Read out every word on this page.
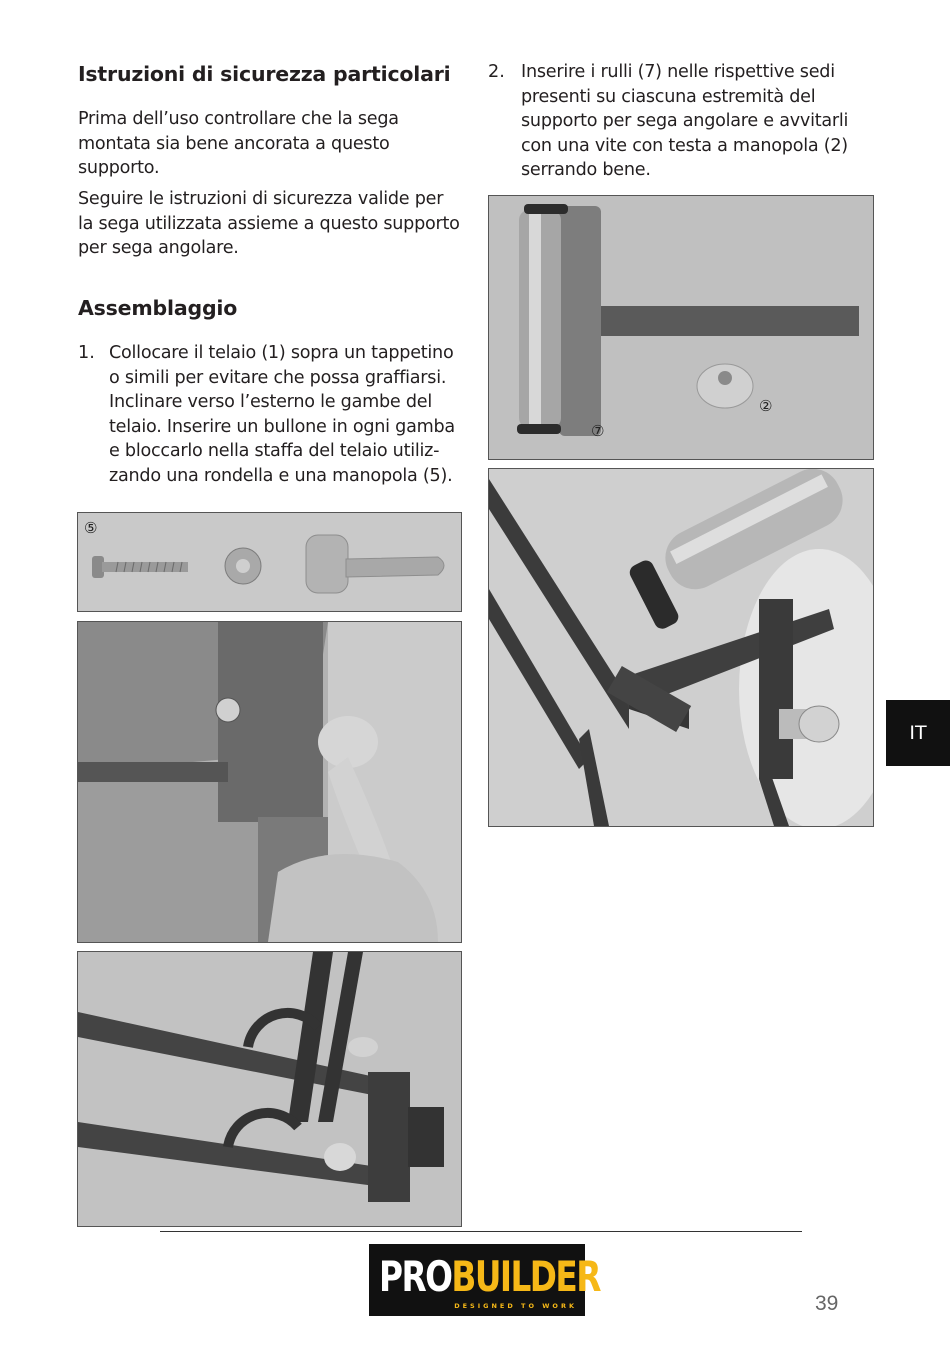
Istruzioni di sicurezza particolari

Prima dell’uso controllare che la sega

montata sia bene ancorata a questo

supporto.

Seguire le istruzioni di sicurezza valide per

la sega utilizzata assieme a questo supporto

per sega angolare.

Assemblaggio
1. Collocare il telaio (1) sopra un tappetino

o simili per evitare che possa graffiarsi.

Inclinare verso l’esterno le gambe del

telaio. Inserire un bullone in ogni gamba

e bloccarlo nella staffa del telaio utiliz-

zando una rondella e una manopola (5).

⑤
2. Inserire i rulli (7) nelle rispettive sedi

presenti su ciascuna estremità del

supporto per sega angolare e avvitarli

con una vite con testa a manopola (2)

serrando bene.

②
⑦
IT
PROBUILDER
DESIGNED TO WORK	39
